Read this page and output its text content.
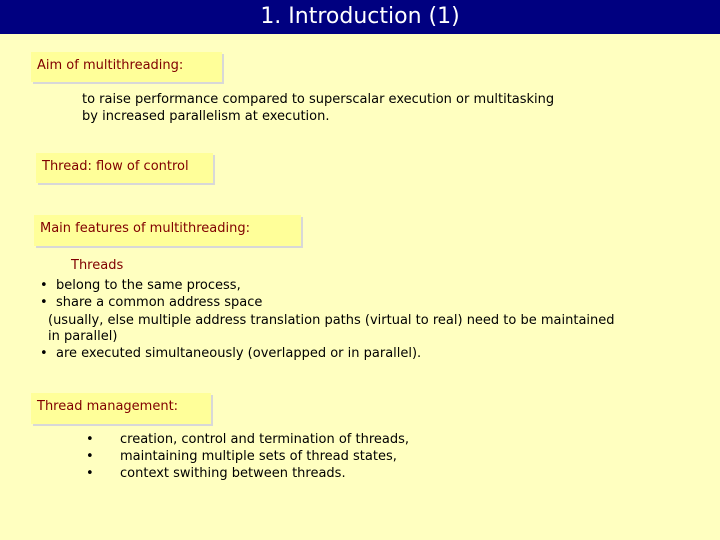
1. Introduction (1)
Aim of multithreading:
to raise performance compared to superscalar execution or multitasking
by increased parallelism at execution.
Thread: flow of control
Main features of multithreading:
Threads
• belong to the same process,
• share a common address space
(usually, else multiple address translation paths (virtual to real) need to be maintained
in parallel)
• are executed simultaneously (overlapped or in parallel).
Thread management:
• creation, control and termination of threads,
• maintaining multiple sets of thread states,
• context swithing between threads.
